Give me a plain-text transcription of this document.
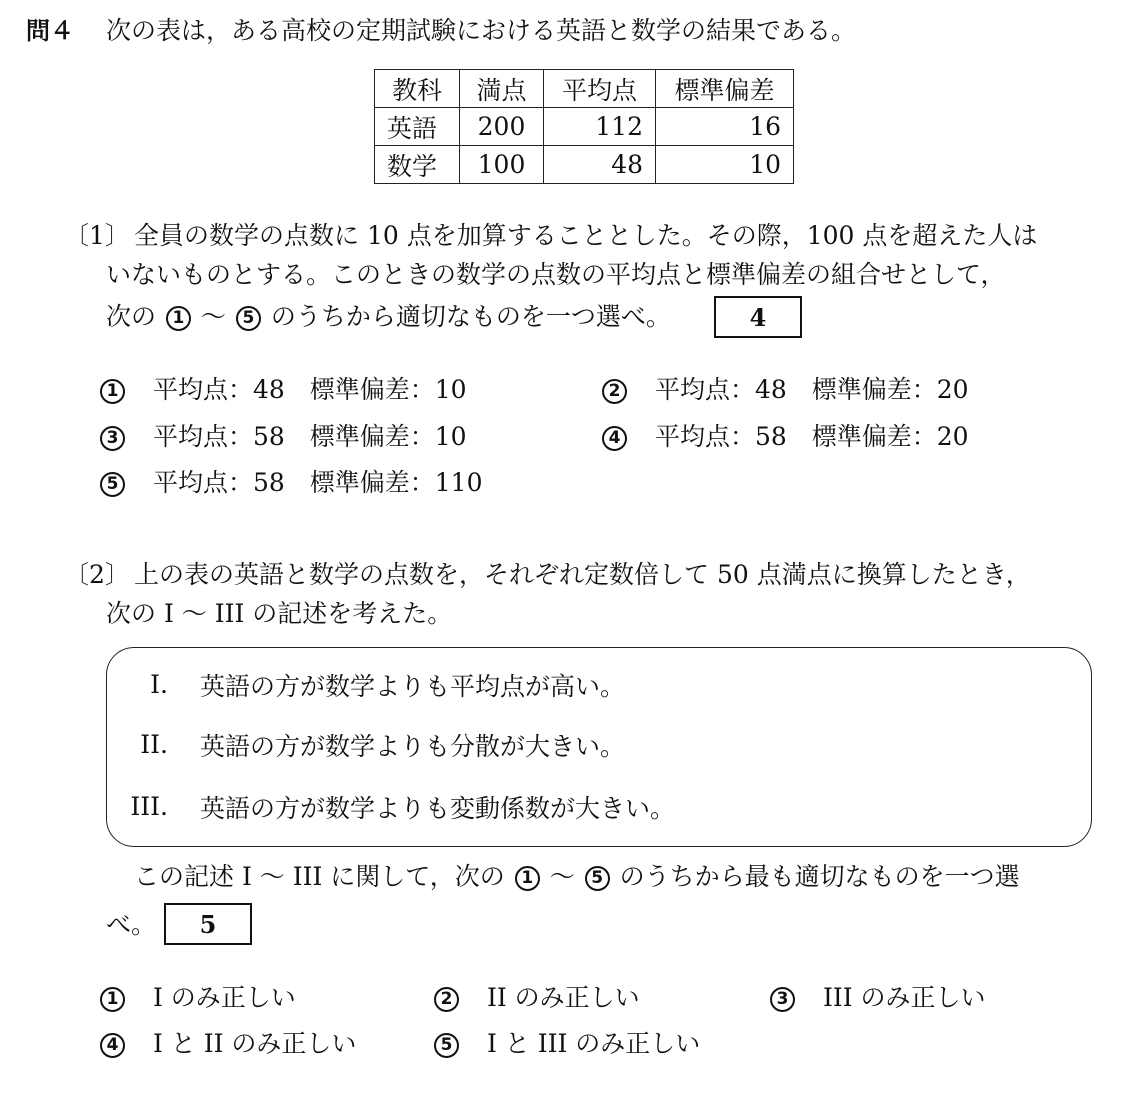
問４ 次の表は，ある高校の定期試験における英語と数学の結果である。
教科	満点	平均点	標準偏差
英語	200	112	16
数学	100	48	10
〔1〕 全員の数学の点数に 10 点を加算することとした。その際，100 点を超えた人は
いないものとする。このときの数学の点数の平均点と標準偏差の組合せとして，
次の 1 ～ 5 のうちから適切なものを一つ選べ。	4
1 平均点：48　標準偏差：10	2 平均点：48　標準偏差：20
3 平均点：58　標準偏差：10	4 平均点：58　標準偏差：20
5 平均点：58　標準偏差：110
〔2〕 上の表の英語と数学の点数を，それぞれ定数倍して 50 点満点に換算したとき，
次の I ～ III の記述を考えた。
I. 英語の方が数学よりも平均点が高い。
II. 英語の方が数学よりも分散が大きい。
III. 英語の方が数学よりも変動係数が大きい。
この記述 I ～ III に関して，次の 1 ～ 5 のうちから最も適切なものを一つ選
べ。	5
1 I のみ正しい	2 II のみ正しい	3 III のみ正しい
4 I と II のみ正しい	5 I と III のみ正しい
